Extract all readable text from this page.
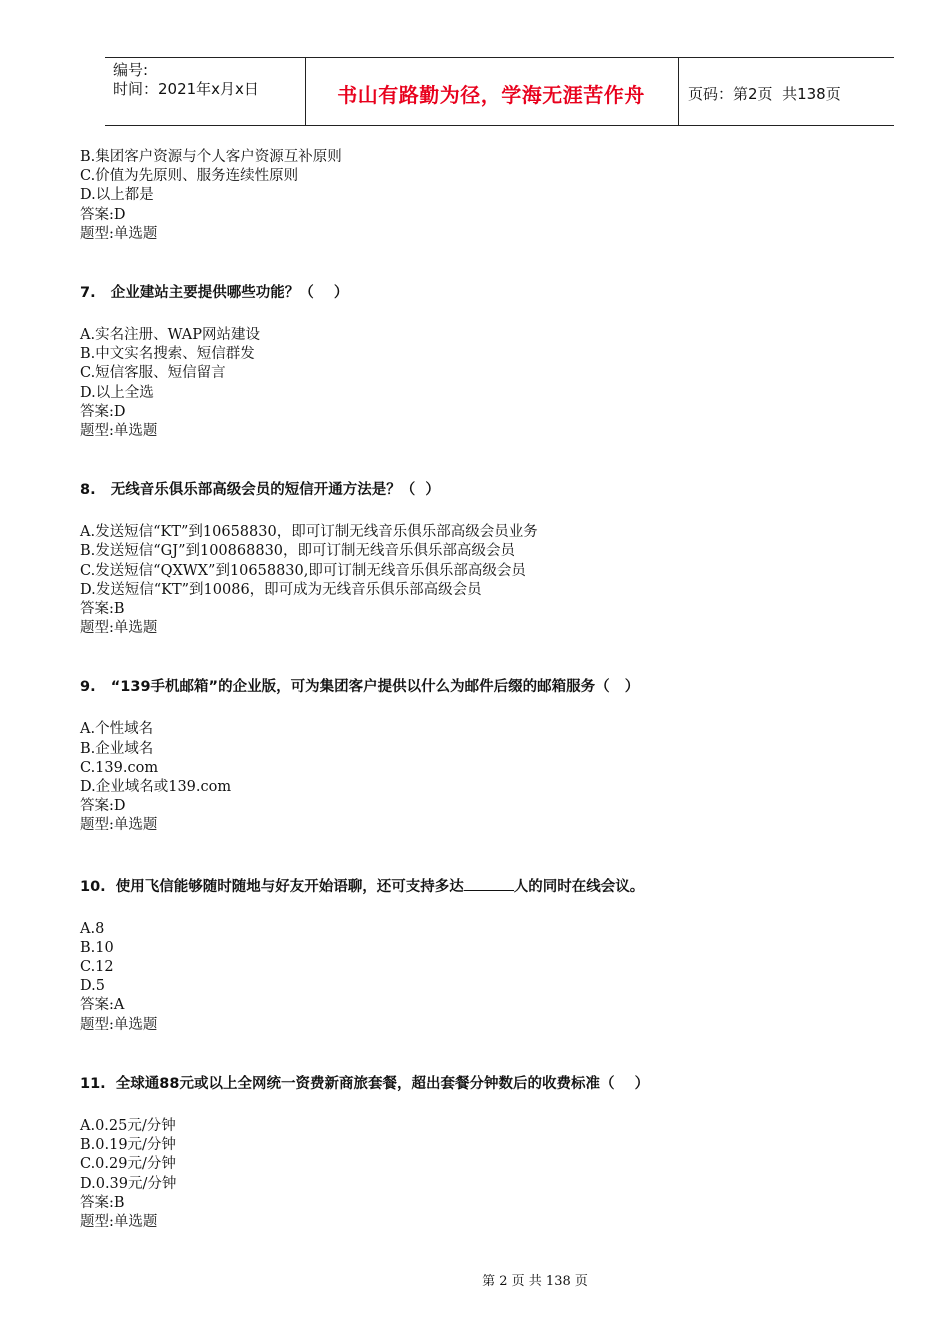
编号:
时间：2021年x月x日	书山有路勤为径，学海无涯苦作舟	页码：第2页  共138页
B.集团客户资源与个人客户资源互补原则
C.价值为先原则、服务连续性原则
D.以上都是
答案:D
题型:单选题

7.   企业建站主要提供哪些功能？（    ）

A.实名注册、WAP网站建设
B.中文实名搜索、短信群发
C.短信客服、短信留言
D.以上全选
答案:D
题型:单选题

8.   无线音乐俱乐部高级会员的短信开通方法是？（  ）

A.发送短信“KT”到10658830，即可订制无线音乐俱乐部高级会员业务
B.发送短信“GJ”到100868830，即可订制无线音乐俱乐部高级会员
C.发送短信“QXWX”到10658830,即可订制无线音乐俱乐部高级会员
D.发送短信“KT”到10086，即可成为无线音乐俱乐部高级会员
答案:B
题型:单选题

9.   “139手机邮箱”的企业版，可为集团客户提供以什么为邮件后缀的邮箱服务（   ）

A.个性域名
B.企业域名
C.139.com
D.企业域名或139.com
答案:D
题型:单选题

10.  使用飞信能够随时随地与好友开始语聊，还可支持多达	人的同时在线会议。

A.8
B.10
C.12
D.5
答案:A
题型:单选题

11.  全球通88元或以上全网统一资费新商旅套餐，超出套餐分钟数后的收费标准（    ）

A.0.25元/分钟
B.0.19元/分钟
C.0.29元/分钟
D.0.39元/分钟
答案:B
题型:单选题
第 2 页 共 138 页
